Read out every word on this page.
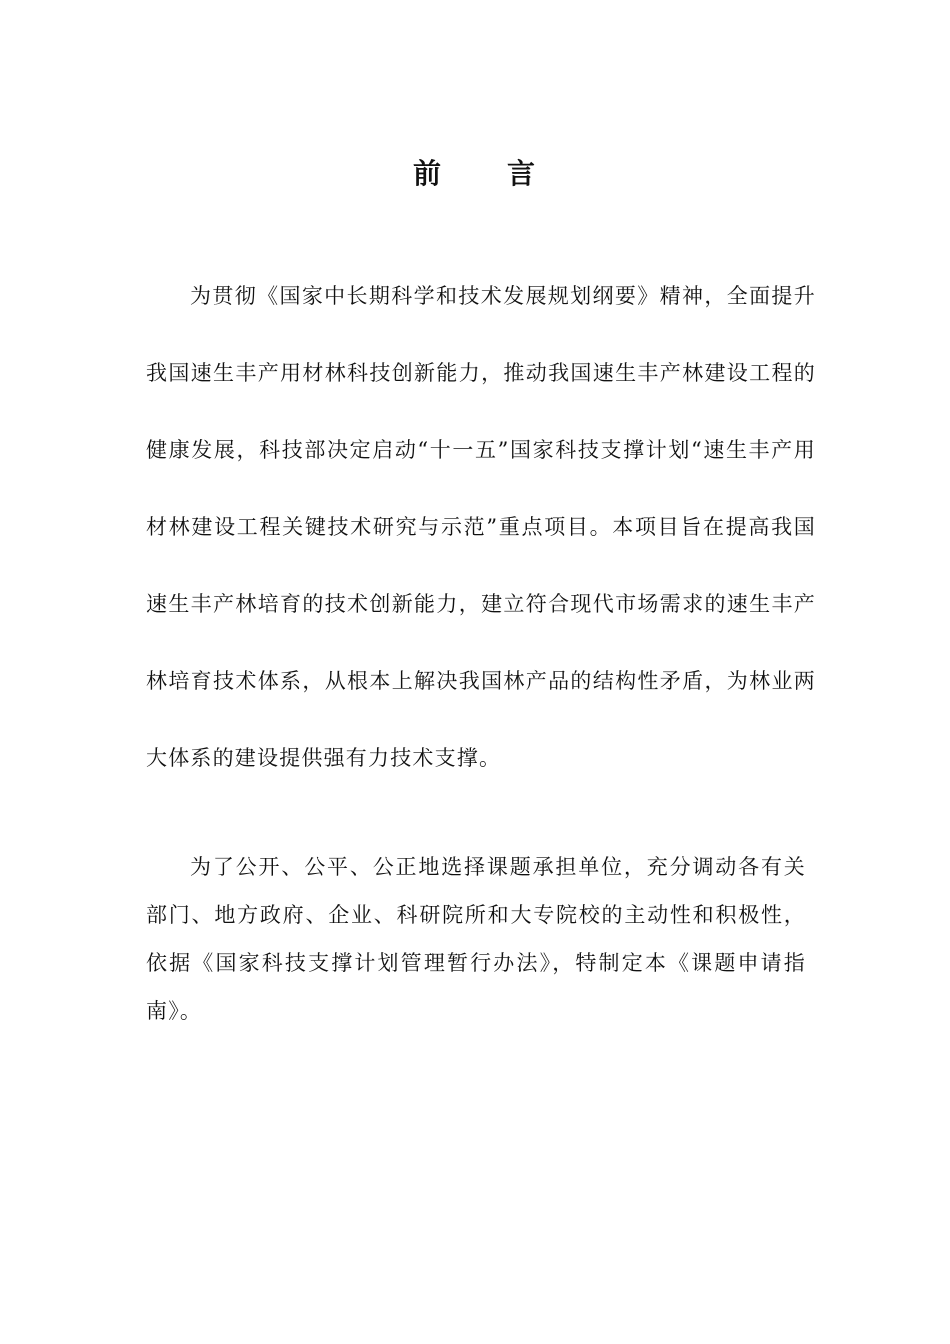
前 言

为贯彻《国家中长期科学和技术发展规划纲要》精神，全面提升我国速生丰产用材林科技创新能力，推动我国速生丰产林建设工程的健康发展，科技部决定启动“十一五”国家科技支撑计划“速生丰产用材林建设工程关键技术研究与示范”重点项目。本项目旨在提高我国速生丰产林培育的技术创新能力，建立符合现代市场需求的速生丰产林培育技术体系，从根本上解决我国林产品的结构性矛盾，为林业两大体系的建设提供强有力技术支撑。

为了公开、公平、公正地选择课题承担单位，充分调动各有关部门、地方政府、企业、科研院所和大专院校的主动性和积极性，依据《国家科技支撑计划管理暂行办法》，特制定本《课题申请指南》。
